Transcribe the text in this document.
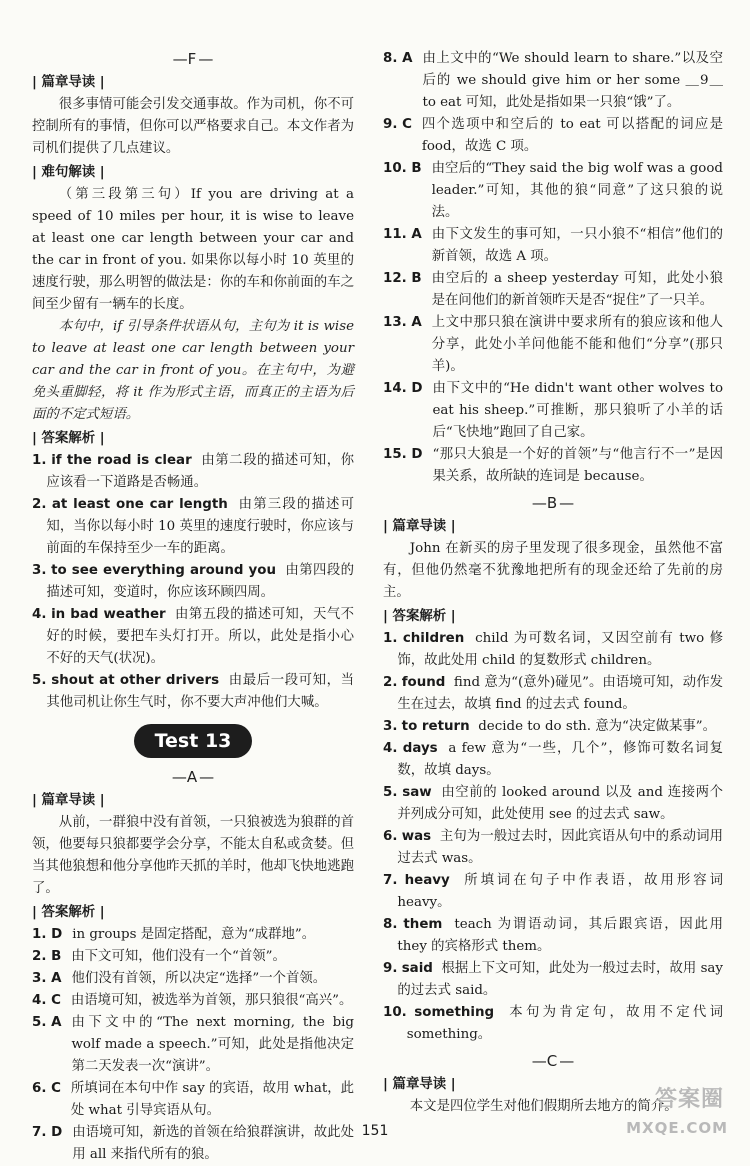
—F—
| 篇章导读 |

很多事情可能会引发交通事故。作为司机，你不可控制所有的事情，但你可以严格要求自己。本文作者为司机们提供了几点建议。

| 难句解读 |

（第三段第三句）If you are driving at a speed of 10 miles per hour, it is wise to leave at least one car length between your car and the car in front of you. 如果你以每小时 10 英里的速度行驶，那么明智的做法是：你的车和你前面的车之间至少留有一辆车的长度。

本句中，if 引导条件状语从句，主句为 it is wise to leave at least one car length between your car and the car in front of you。在主句中，为避免头重脚轻，将 it 作为形式主语，而真正的主语为后面的不定式短语。

| 答案解析 |
1. if the road is clear 由第二段的描述可知，你应该看一下道路是否畅通。

2. at least one car length 由第三段的描述可知，当你以每小时 10 英里的速度行驶时，你应该与前面的车保持至少一车的距离。

3. to see everything around you 由第四段的描述可知，变道时，你应该环顾四周。

4. in bad weather 由第五段的描述可知，天气不好的时候，要把车头灯打开。所以，此处是指小心不好的天气(状况)。

5. shout at other drivers 由最后一段可知，当其他司机让你生气时，你不要大声冲他们大喊。

Test 13
—A—
| 篇章导读 |

从前，一群狼中没有首领，一只狼被选为狼群的首领，他要每只狼都要学会分享，不能太自私或贪婪。但当其他狼想和他分享他昨天抓的羊时，他却飞快地逃跑了。

| 答案解析 |
1. D in groups 是固定搭配，意为“成群地”。

2. B 由下文可知，他们没有一个“首领”。

3. A 他们没有首领，所以决定“选择”一个首领。

4. C 由语境可知，被选举为首领，那只狼很“高兴”。

5. A 由下文中的“The next morning, the big wolf made a speech.”可知，此处是指他决定第二天发表一次“演讲”。

6. C 所填词在本句中作 say 的宾语，故用 what，此处 what 引导宾语从句。

7. D 由语境可知，新选的首领在给狼群演讲，故此处用 all 来指代所有的狼。

8. A 由上文中的“We should learn to share.”以及空后的 we should give him or her some ＿9＿ to eat 可知，此处是指如果一只狼“饿”了。

9. C 四个选项中和空后的 to eat 可以搭配的词应是 food，故选 C 项。

10. B 由空后的“They said the big wolf was a good leader.”可知，其他的狼“同意”了这只狼的说法。

11. A 由下文发生的事可知，一只小狼不“相信”他们的新首领，故选 A 项。

12. B 由空后的 a sheep yesterday 可知，此处小狼是在问他们的新首领昨天是否“捉住”了一只羊。

13. A 上文中那只狼在演讲中要求所有的狼应该和他人分享，此处小羊问他能不能和他们“分享”(那只羊)。

14. D 由下文中的“He didn't want other wolves to eat his sheep.”可推断，那只狼听了小羊的话后“飞快地”跑回了自己家。

15. D “那只大狼是一个好的首领”与“他言行不一”是因果关系，故所缺的连词是 because。

—B—
| 篇章导读 |

John 在新买的房子里发现了很多现金，虽然他不富有，但他仍然毫不犹豫地把所有的现金还给了先前的房主。

| 答案解析 |
1. children child 为可数名词，又因空前有 two 修饰，故此处用 child 的复数形式 children。

2. found find 意为“(意外)碰见”。由语境可知，动作发生在过去，故填 find 的过去式 found。

3. to return decide to do sth. 意为“决定做某事”。

4. days a few 意为“一些，几个”，修饰可数名词复数，故填 days。

5. saw 由空前的 looked around 以及 and 连接两个并列成分可知，此处使用 see 的过去式 saw。

6. was 主句为一般过去时，因此宾语从句中的系动词用过去式 was。

7. heavy 所填词在句子中作表语，故用形容词 heavy。

8. them teach 为谓语动词，其后跟宾语，因此用 they 的宾格形式 them。

9. said 根据上下文可知，此处为一般过去时，故用 say 的过去式 said。

10. something 本句为肯定句，故用不定代词 something。

—C—
| 篇章导读 |

本文是四位学生对他们假期所去地方的简介。

151
答案圈
MXQE.COM
